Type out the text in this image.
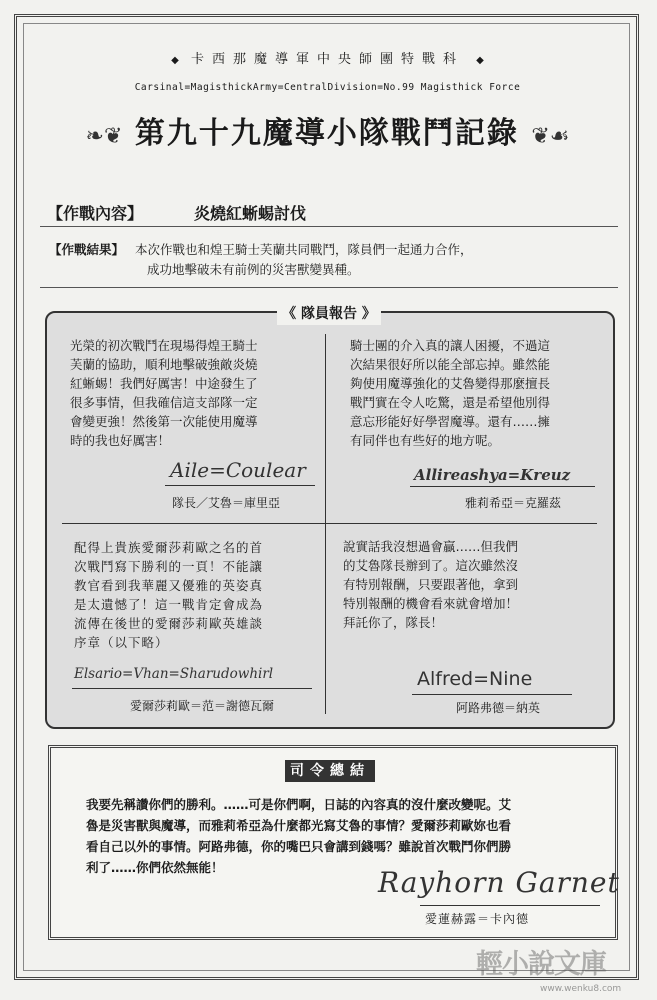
◆ 卡西那魔導軍中央師團特戰科 ◆
Carsinal=MagisthickArmy=CentralDivision=No.99 Magisthick Force
❧❦ 第九十九魔導小隊戰鬥記錄 ❦☙
【作戰內容】	炎燒紅蜥蜴討伐
【作戰結果】 本次作戰也和煌王騎士芙蘭共同戰鬥，隊員們一起通力合作，
成功地擊破未有前例的災害獸變異種。
《 隊員報告 》
光榮的初次戰鬥在現場得煌王騎士
芙蘭的協助，順利地擊破強敵炎燒
紅蜥蜴！我們好厲害！中途發生了
很多事情，但我確信這支部隊一定
會變更強！然後第一次能使用魔導
時的我也好厲害！
Aile=Coulear
隊長／艾魯＝庫里亞
騎士團的介入真的讓人困擾，不過這
次結果很好所以能全部忘掉。雖然能
夠使用魔導強化的艾魯變得那麼擅長
戰鬥實在令人吃驚，還是希望他別得
意忘形能好好學習魔導。還有……擁
有同伴也有些好的地方呢。
Allireashya=Kreuz
雅莉希亞＝克羅茲
配得上貴族愛爾莎莉歐之名的首
次戰鬥寫下勝利的一頁！不能讓
教官看到我華麗又優雅的英姿真
是太遺憾了！這一戰肯定會成為
流傳在後世的愛爾莎莉歐英雄談
序章（以下略）
Elsario=Vhan=Sharudowhirl
愛爾莎莉歐＝范＝謝德瓦爾
說實話我沒想過會贏……但我們
的艾魯隊長辦到了。這次雖然沒
有特別報酬，只要跟著他，拿到
特別報酬的機會看來就會增加！
拜託你了，隊長！
Alfred=Nine
阿路弗德＝納英
司令總結
我要先稱讚你們的勝利。……可是你們啊，日誌的內容真的沒什麼改變呢。艾
魯是災害獸與魔導，而雅莉希亞為什麼都光寫艾魯的事情？愛爾莎莉歐妳也看
看自己以外的事情。阿路弗德，你的嘴巴只會講到錢嗎？雖說首次戰鬥你們勝
利了……你們依然無能！	Rayhorn Garnet
愛蓮赫露＝卡內德
輕小說文庫
www.wenku8.com
